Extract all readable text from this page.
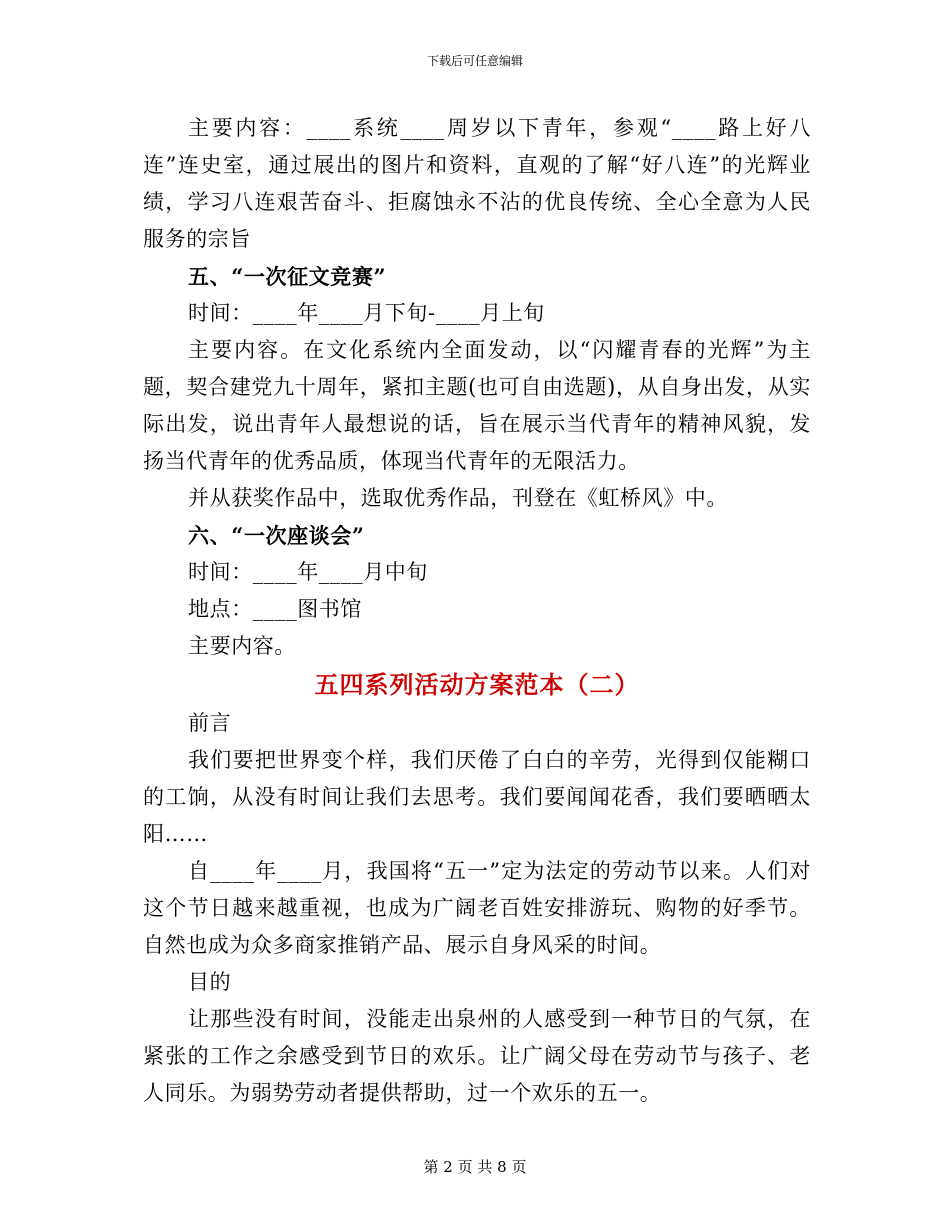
下载后可任意编辑

主要内容：____系统____周岁以下青年，参观“____路上好八连”连史室，通过展出的图片和资料，直观的了解“好八连”的光辉业绩，学习八连艰苦奋斗、拒腐蚀永不沾的优良传统、全心全意为人民服务的宗旨

五、“一次征文竞赛”

时间：____年____月下旬-____月上旬

主要内容。在文化系统内全面发动，以“闪耀青春的光辉”为主题，契合建党九十周年，紧扣主题(也可自由选题)，从自身出发，从实际出发，说出青年人最想说的话，旨在展示当代青年的精神风貌，发扬当代青年的优秀品质，体现当代青年的无限活力。

并从获奖作品中，选取优秀作品，刊登在《虹桥风》中。

六、“一次座谈会”

时间：____年____月中旬

地点：____图书馆

主要内容。

五四系列活动方案范本（二）

前言

我们要把世界变个样，我们厌倦了白白的辛劳，光得到仅能糊口的工饷，从没有时间让我们去思考。我们要闻闻花香，我们要晒晒太阳……

自____年____月，我国将“五一”定为法定的劳动节以来。人们对这个节日越来越重视，也成为广阔老百姓安排游玩、购物的好季节。自然也成为众多商家推销产品、展示自身风采的时间。

目的

让那些没有时间，没能走出泉州的人感受到一种节日的气氛，在紧张的工作之余感受到节日的欢乐。让广阔父母在劳动节与孩子、老人同乐。为弱势劳动者提供帮助，过一个欢乐的五一。

第 2 页 共 8 页
